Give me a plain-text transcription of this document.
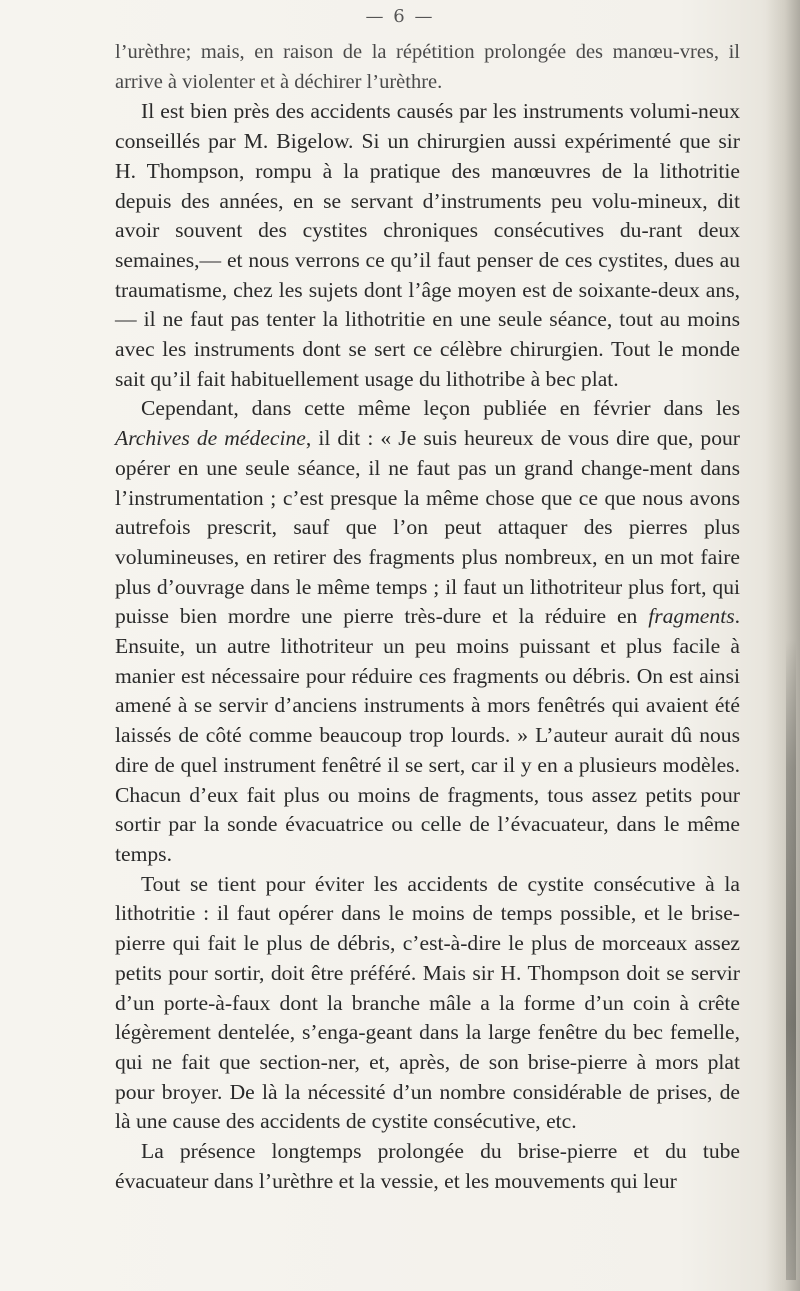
— 6 —

l’urèthre; mais, en raison de la répétition prolongée des manœu-vres, il arrive à violenter et à déchirer l’urèthre.

Il est bien près des accidents causés par les instruments volumi-neux conseillés par M. Bigelow. Si un chirurgien aussi expérimenté que sir H. Thompson, rompu à la pratique des manœuvres de la lithotritie depuis des années, en se servant d’instruments peu volu-mineux, dit avoir souvent des cystites chroniques consécutives du-rant deux semaines,— et nous verrons ce qu’il faut penser de ces cystites, dues au traumatisme, chez les sujets dont l’âge moyen est de soixante-deux ans, — il ne faut pas tenter la lithotritie en une seule séance, tout au moins avec les instruments dont se sert ce célèbre chirurgien. Tout le monde sait qu’il fait habituellement usage du lithotribe à bec plat.

Cependant, dans cette même leçon publiée en février dans les Archives de médecine, il dit : « Je suis heureux de vous dire que, pour opérer en une seule séance, il ne faut pas un grand change-ment dans l’instrumentation ; c’est presque la même chose que ce que nous avons autrefois prescrit, sauf que l’on peut attaquer des pierres plus volumineuses, en retirer des fragments plus nombreux, en un mot faire plus d’ouvrage dans le même temps ; il faut un lithotriteur plus fort, qui puisse bien mordre une pierre très-dure et la réduire en fragments. Ensuite, un autre lithotriteur un peu moins puissant et plus facile à manier est nécessaire pour réduire ces fragments ou débris. On est ainsi amené à se servir d’anciens instruments à mors fenêtrés qui avaient été laissés de côté comme beaucoup trop lourds. » L’auteur aurait dû nous dire de quel instrument fenêtré il se sert, car il y en a plusieurs modèles. Chacun d’eux fait plus ou moins de fragments, tous assez petits pour sortir par la sonde évacuatrice ou celle de l’évacuateur, dans le même temps.

Tout se tient pour éviter les accidents de cystite consécutive à la lithotritie : il faut opérer dans le moins de temps possible, et le brise-pierre qui fait le plus de débris, c’est-à-dire le plus de morceaux assez petits pour sortir, doit être préféré. Mais sir H. Thompson doit se servir d’un porte-à-faux dont la branche mâle a la forme d’un coin à crête légèrement dentelée, s’enga-geant dans la large fenêtre du bec femelle, qui ne fait que section-ner, et, après, de son brise-pierre à mors plat pour broyer. De là la nécessité d’un nombre considérable de prises, de là une cause des accidents de cystite consécutive, etc.

La présence longtemps prolongée du brise-pierre et du tube évacuateur dans l’urèthre et la vessie, et les mouvements qui leur
